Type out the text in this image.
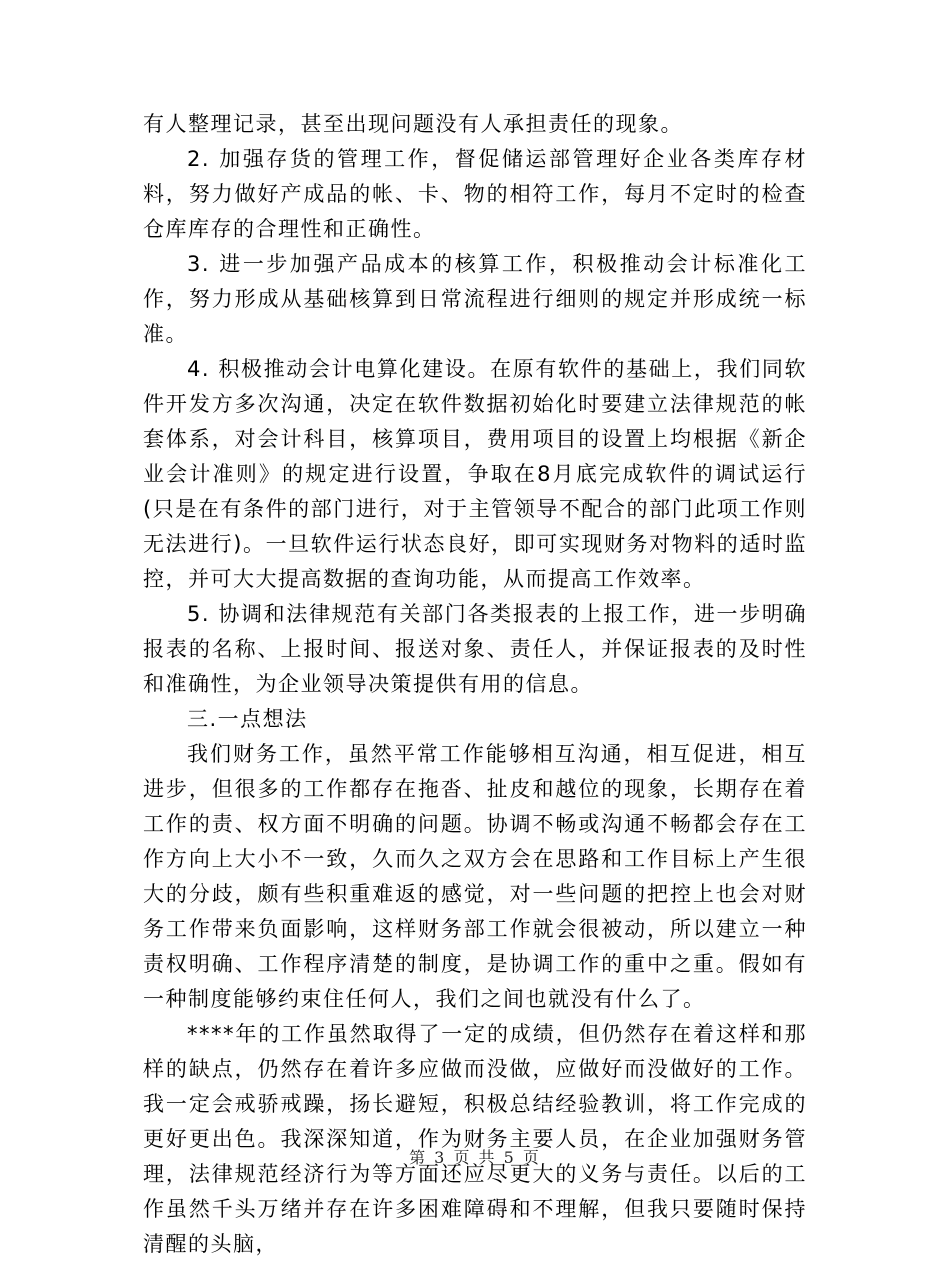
有人整理记录，甚至出现问题没有人承担责任的现象。

2. 加强存货的管理工作，督促储运部管理好企业各类库存材料，努力做好产成品的帐、卡、物的相符工作，每月不定时的检查仓库库存的合理性和正确性。

3. 进一步加强产品成本的核算工作，积极推动会计标准化工作，努力形成从基础核算到日常流程进行细则的规定并形成统一标准。

4. 积极推动会计电算化建设。在原有软件的基础上，我们同软件开发方多次沟通，决定在软件数据初始化时要建立法律规范的帐套体系，对会计科目，核算项目，费用项目的设置上均根据《新企业会计准则》的规定进行设置，争取在8月底完成软件的调试运行(只是在有条件的部门进行，对于主管领导不配合的部门此项工作则无法进行)。一旦软件运行状态良好，即可实现财务对物料的适时监控，并可大大提高数据的查询功能，从而提高工作效率。

5. 协调和法律规范有关部门各类报表的上报工作，进一步明确报表的名称、上报时间、报送对象、责任人，并保证报表的及时性和准确性，为企业领导决策提供有用的信息。

三.一点想法

我们财务工作，虽然平常工作能够相互沟通，相互促进，相互进步，但很多的工作都存在拖沓、扯皮和越位的现象，长期存在着工作的责、权方面不明确的问题。协调不畅或沟通不畅都会存在工作方向上大小不一致，久而久之双方会在思路和工作目标上产生很大的分歧，颇有些积重难返的感觉，对一些问题的把控上也会对财务工作带来负面影响，这样财务部工作就会很被动，所以建立一种责权明确、工作程序清楚的制度，是协调工作的重中之重。假如有一种制度能够约束住任何人，我们之间也就没有什么了。

****年的工作虽然取得了一定的成绩，但仍然存在着这样和那样的缺点，仍然存在着许多应做而没做，应做好而没做好的工作。我一定会戒骄戒躁，扬长避短，积极总结经验教训，将工作完成的更好更出色。我深深知道，作为财务主要人员，在企业加强财务管理，法律规范经济行为等方面还应尽更大的义务与责任。以后的工作虽然千头万绪并存在许多困难障碍和不理解，但我只要随时保持清醒的头脑，

第 3 页 共 5 页
